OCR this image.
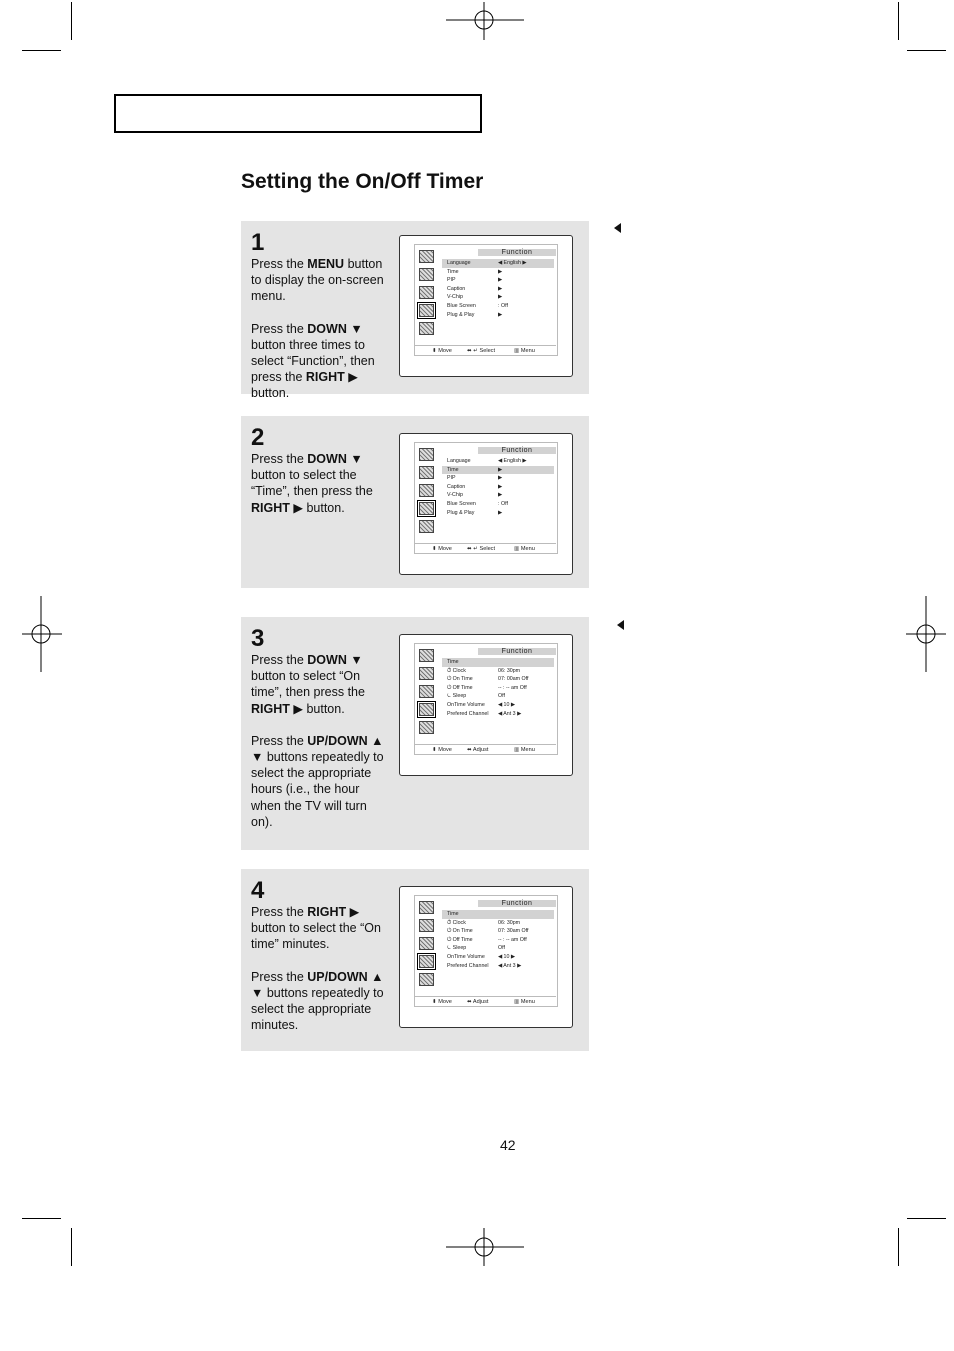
Setting the On/Off Timer
1

Press the MENU button to display the on-screen menu.

Press the DOWN ▼ button three times to select “Function”, then press the RIGHT ▶ button.

Function
Language	◀ English ▶
Time	▶
PIP	▶
Caption	▶
V-Chip	▶
Blue Screen	: Off
Plug & Play	▶
⬍ Move	⬌ ↵ Select	▥ Menu
2

Press the DOWN ▼ button to select the “Time”, then press the RIGHT ▶ button.

Function
Language	◀ English ▶
Time	▶
PIP	▶
Caption	▶
V-Chip	▶
Blue Screen	: Off
Plug & Play	▶
⬍ Move	⬌ ↵ Select	▥ Menu
3

Press the DOWN ▼ button to select “On time”, then press the RIGHT ▶ button.

Press the UP/DOWN ▲ ▼ buttons repeatedly to select the appropriate hours (i.e., the hour when the TV will turn on).

Function
Time
⏱ Clock	06: 30pm
⏻ On Time	07: 00am Off
⏻ Off Time	-- : -- am Off
⏾ Sleep	Off
OnTime Volume ◀ 10 ▶
Prefered Channel ◀ Ant 3 ▶
⬍ Move	⬌ Adjust	▥ Menu
4

Press the RIGHT ▶ button to select the “On time” minutes.

Press the UP/DOWN ▲ ▼ buttons repeatedly to select the appropriate minutes.

Function
Time
⏱ Clock	06: 30pm
⏻ On Time	07: 30am Off
⏻ Off Time	-- : -- am Off
⏾ Sleep	Off
OnTime Volume ◀ 10 ▶
Prefered Channel ◀ Ant 3 ▶
⬍ Move	⬌ Adjust	▥ Menu
42
